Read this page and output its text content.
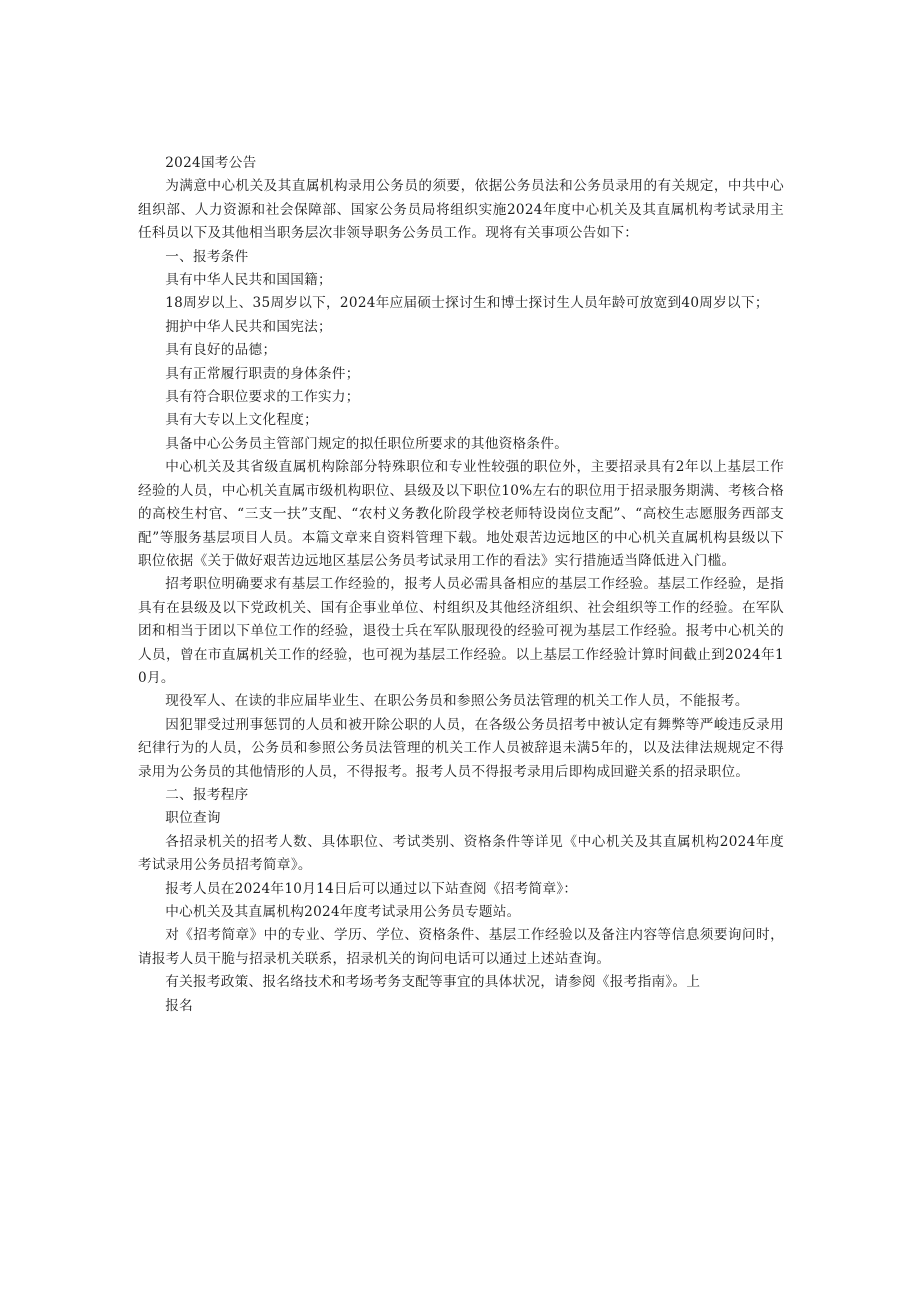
2024国考公告

为满意中心机关及其直属机构录用公务员的须要，依据公务员法和公务员录用的有关规定，中共中心组织部、人力资源和社会保障部、国家公务员局将组织实施2024年度中心机关及其直属机构考试录用主任科员以下及其他相当职务层次非领导职务公务员工作。现将有关事项公告如下：

一、报考条件

具有中华人民共和国国籍；

18周岁以上、35周岁以下，2024年应届硕士探讨生和博士探讨生人员年龄可放宽到40周岁以下；

拥护中华人民共和国宪法；

具有良好的品德；

具有正常履行职责的身体条件；

具有符合职位要求的工作实力；

具有大专以上文化程度；

具备中心公务员主管部门规定的拟任职位所要求的其他资格条件。

中心机关及其省级直属机构除部分特殊职位和专业性较强的职位外，主要招录具有2年以上基层工作经验的人员，中心机关直属市级机构职位、县级及以下职位10%左右的职位用于招录服务期满、考核合格的高校生村官、“三支一扶”支配、“农村义务教化阶段学校老师特设岗位支配”、“高校生志愿服务西部支配”等服务基层项目人员。本篇文章来自资料管理下载。地处艰苦边远地区的中心机关直属机构县级以下职位依据《关于做好艰苦边远地区基层公务员考试录用工作的看法》实行措施适当降低进入门槛。

招考职位明确要求有基层工作经验的，报考人员必需具备相应的基层工作经验。基层工作经验，是指具有在县级及以下党政机关、国有企事业单位、村组织及其他经济组织、社会组织等工作的经验。在军队团和相当于团以下单位工作的经验，退役士兵在军队服现役的经验可视为基层工作经验。报考中心机关的人员，曾在市直属机关工作的经验，也可视为基层工作经验。以上基层工作经验计算时间截止到2024年10月。

现役军人、在读的非应届毕业生、在职公务员和参照公务员法管理的机关工作人员，不能报考。

因犯罪受过刑事惩罚的人员和被开除公职的人员，在各级公务员招考中被认定有舞弊等严峻违反录用纪律行为的人员，公务员和参照公务员法管理的机关工作人员被辞退未满5年的，以及法律法规规定不得录用为公务员的其他情形的人员，不得报考。报考人员不得报考录用后即构成回避关系的招录职位。

二、报考程序

职位查询

各招录机关的招考人数、具体职位、考试类别、资格条件等详见《中心机关及其直属机构2024年度考试录用公务员招考简章》。

报考人员在2024年10月14日后可以通过以下站查阅《招考简章》：

中心机关及其直属机构2024年度考试录用公务员专题站。

对《招考简章》中的专业、学历、学位、资格条件、基层工作经验以及备注内容等信息须要询问时，请报考人员干脆与招录机关联系，招录机关的询问电话可以通过上述站查询。

有关报考政策、报名络技术和考场考务支配等事宜的具体状况，请参阅《报考指南》。上

报名
